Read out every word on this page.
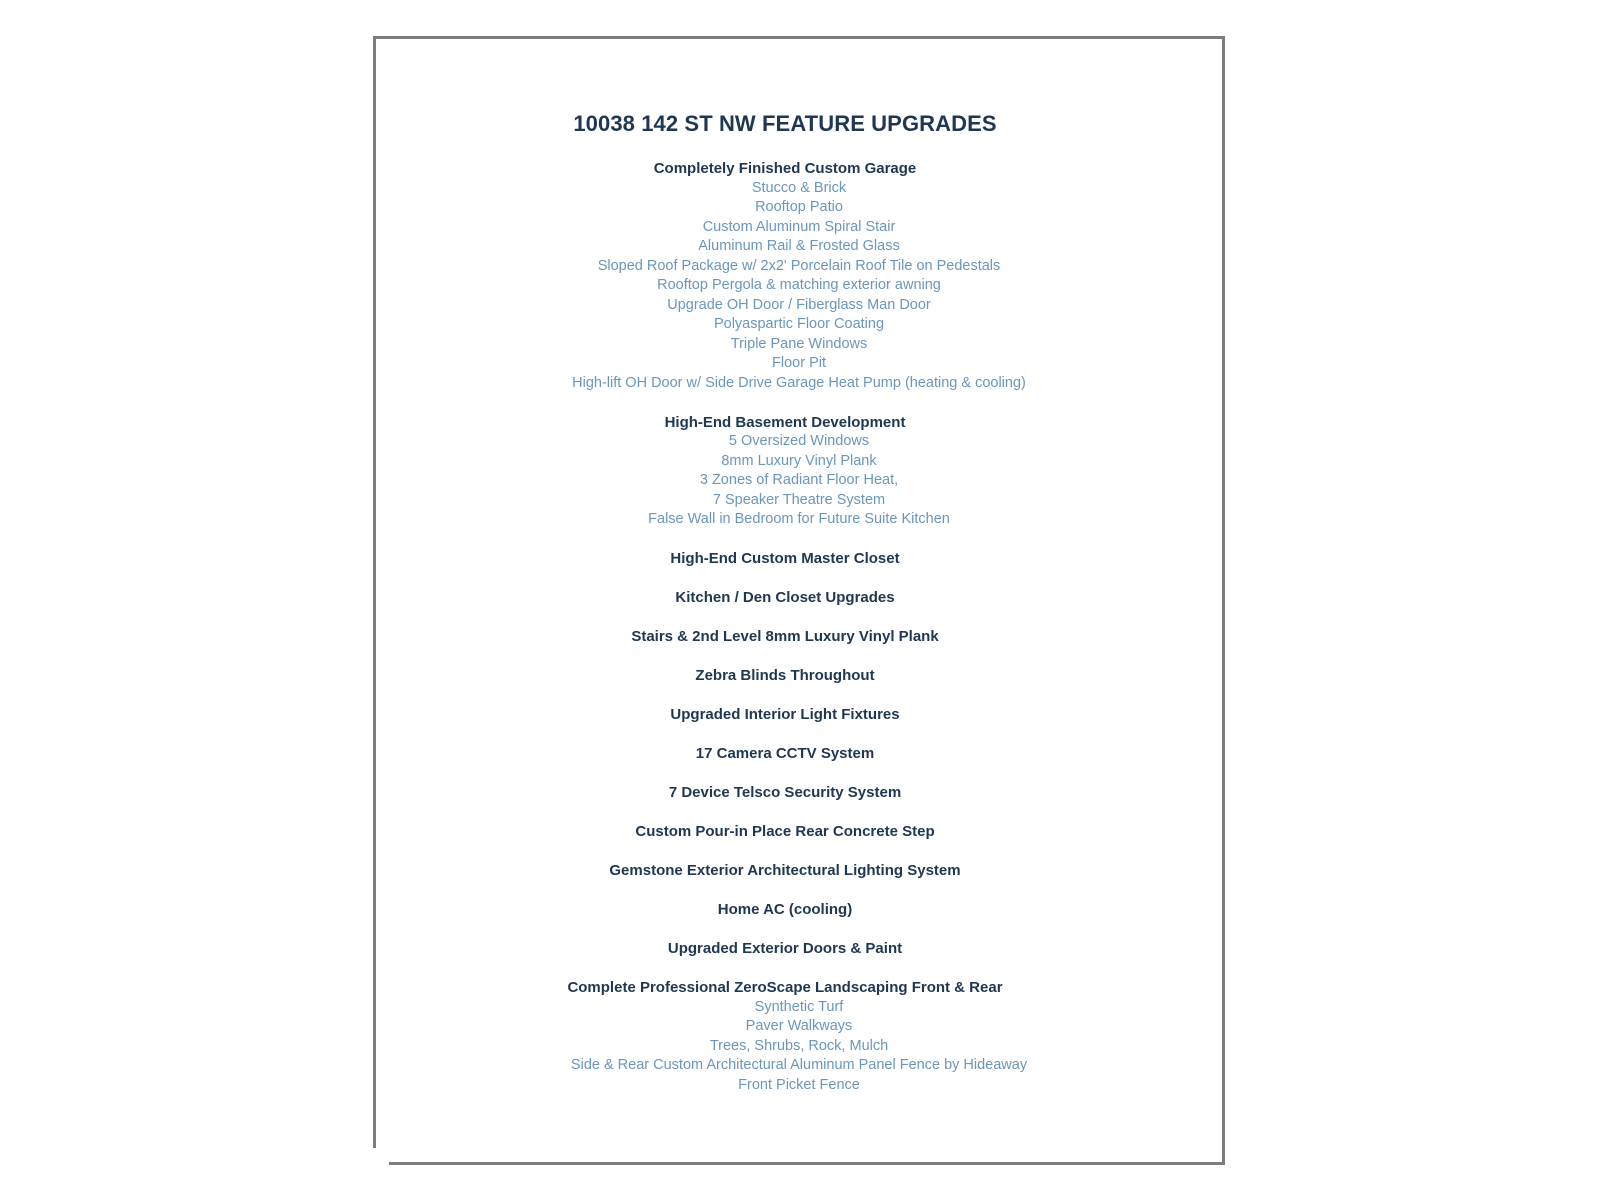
10038 142 ST NW FEATURE UPGRADES
Completely Finished Custom Garage
Stucco & Brick
Rooftop Patio
Custom Aluminum Spiral Stair
Aluminum Rail & Frosted Glass
Sloped Roof Package w/ 2x2' Porcelain Roof Tile on Pedestals
Rooftop Pergola & matching exterior awning
Upgrade OH Door / Fiberglass Man Door
Polyaspartic Floor Coating
Triple Pane Windows
Floor Pit
High-lift OH Door w/ Side Drive Garage Heat Pump (heating & cooling)
High-End Basement Development
5 Oversized Windows
8mm Luxury Vinyl Plank
3 Zones of Radiant Floor Heat,
7 Speaker Theatre System
False Wall in Bedroom for Future Suite Kitchen
High-End Custom Master Closet
Kitchen / Den Closet Upgrades
Stairs & 2nd Level 8mm Luxury Vinyl Plank
Zebra Blinds Throughout
Upgraded Interior Light Fixtures
17 Camera CCTV System
7 Device Telsco Security System
Custom Pour-in Place Rear Concrete Step
Gemstone Exterior Architectural Lighting System
Home AC (cooling)
Upgraded Exterior Doors & Paint
Complete Professional ZeroScape Landscaping Front & Rear
Synthetic Turf
Paver Walkways
Trees, Shrubs, Rock, Mulch
Side & Rear Custom Architectural Aluminum Panel Fence by Hideaway
Front Picket Fence
